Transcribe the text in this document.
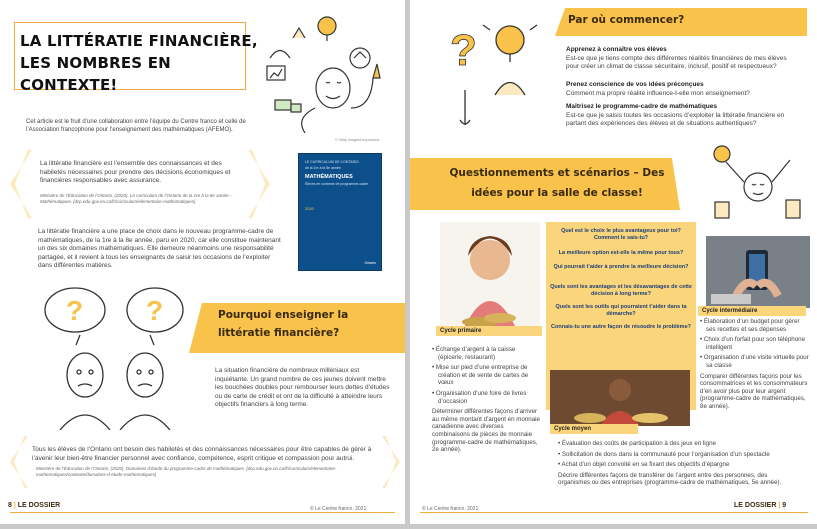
LA LITTÉRATIE FINANCIÈRE, LES NOMBRES EN CONTEXTE!
© Getty Images/Lenyvavsha
Cet article est le fruit d’une collaboration entre l’équipe du Centre franco et celle de l’Association francophone pour l’enseignement des mathématiques (AFEMO).
La littératie financière est l’ensemble des connaissances et des habiletés nécessaires pour prendre des décisions économiques et financières responsables avec assurance.
Ministère de l’Éducation de l’Ontario. (2020). Le curriculum de l’Ontario de la 1re à la 8e année – Mathématiques. [dcp.edu.gov.on.ca/fr/curriculum/elementaire-mathematiques]
LE CURRICULUM DE L’ONTARIO
de la 1re à la 8e année
MATHÉMATIQUES
Élèves en contexte de programme-cadre
2020
Ontario
La littératie financière a une place de choix dans le nouveau programme-cadre de mathématiques, de la 1re à la 8e année, paru en 2020, car elle constitue maintenant un des six domaines mathématiques. Elle demeure néanmoins une responsabilité partagée, et il revient à tous les enseignants de saisir les occasions de l’exploiter dans différentes matières.
? ?	Pourquoi enseigner la littératie financière?
La situation financière de nombreux milléniaux est inquiétante. Un grand nombre de ces jeunes doivent mettre les bouchées doubles pour rembourser leurs dettes d’études ou de carte de crédit et ont de la difficulté à atteindre leurs objectifs financiers à long terme.
Tous les élèves de l’Ontario ont besoin des habiletés et des connaissances nécessaires pour être capables de gérer à l’avenir leur bien-être financier personnel avec confiance, compétence, esprit critique et compassion pour autrui.
Ministère de l’Éducation de l’Ontario. (2020). Domaines d’étude du programme-cadre de mathématiques. [dcp.edu.gov.on.ca/fr/curriculum/elementaire-mathematiques/contexte/domaines-d-etude-mathematiques]
8 | LE DOSSIER	© Le Centre franco, 2021
?
Par où commencer?
Apprenez à connaître vos élèves
Est-ce que je tiens compte des différentes réalités financières de mes élèves pour créer un climat de classe sécuritaire, inclusif, positif et respectueux?
Prenez conscience de vos idées préconçues
Comment ma propre réalité influence-t-elle mon enseignement?
Maîtrisez le programme-cadre de mathématiques
Est-ce que je saisis toutes les occasions d’exploiter la littératie financière en partant des expériences des élèves et de situations authentiques?
Questionnements et scénarios – Des idées pour la salle de classe!
Cycle primaire
Quel est le choix le plus avantageux pour toi? Comment le sais-tu?
La meilleure option est-elle la même pour tous?
Qui pourrait t’aider à prendre la meilleure décision?
Quels sont les avantages et les désavantages de cette décision à long terme?
Quels sont les outils qui pourraient t’aider dans ta démarche?
Connais-tu une autre façon de résoudre le problème?
Cycle intermédiaire
• Élaboration d’un budget pour gérer ses recettes et ses dépenses
• Choix d’un forfait pour son téléphone intelligent
• Organisation d’une visite virtuelle pour sa classe

Comparer différentes façons pour les consommatrices et les consommateurs d’en avoir plus pour leur argent (programme-cadre de mathématiques, 8e année).

• Échange d’argent à la caisse (épicerie, restaurant)
• Mise sur pied d’une entreprise de création et de vente de cartes de vœux
• Organisation d’une foire de livres d’occasion

Déterminer différentes façons d’arriver au même montant d’argent en monnaie canadienne avec diverses combinaisons de pièces de monnaie (programme-cadre de mathématiques, 2e année).

Cycle moyen
• Évaluation des coûts de participation à des jeux en ligne
• Sollicitation de dons dans la communauté pour l’organisation d’un spectacle
• Achat d’un objet convoité en se fixant des objectifs d’épargne

Décrire différentes façons de transférer de l’argent entre des personnes, des organismes ou des entreprises (programme-cadre de mathématiques, 5e année).

© Le Centre franco, 2021	LE DOSSIER | 9
